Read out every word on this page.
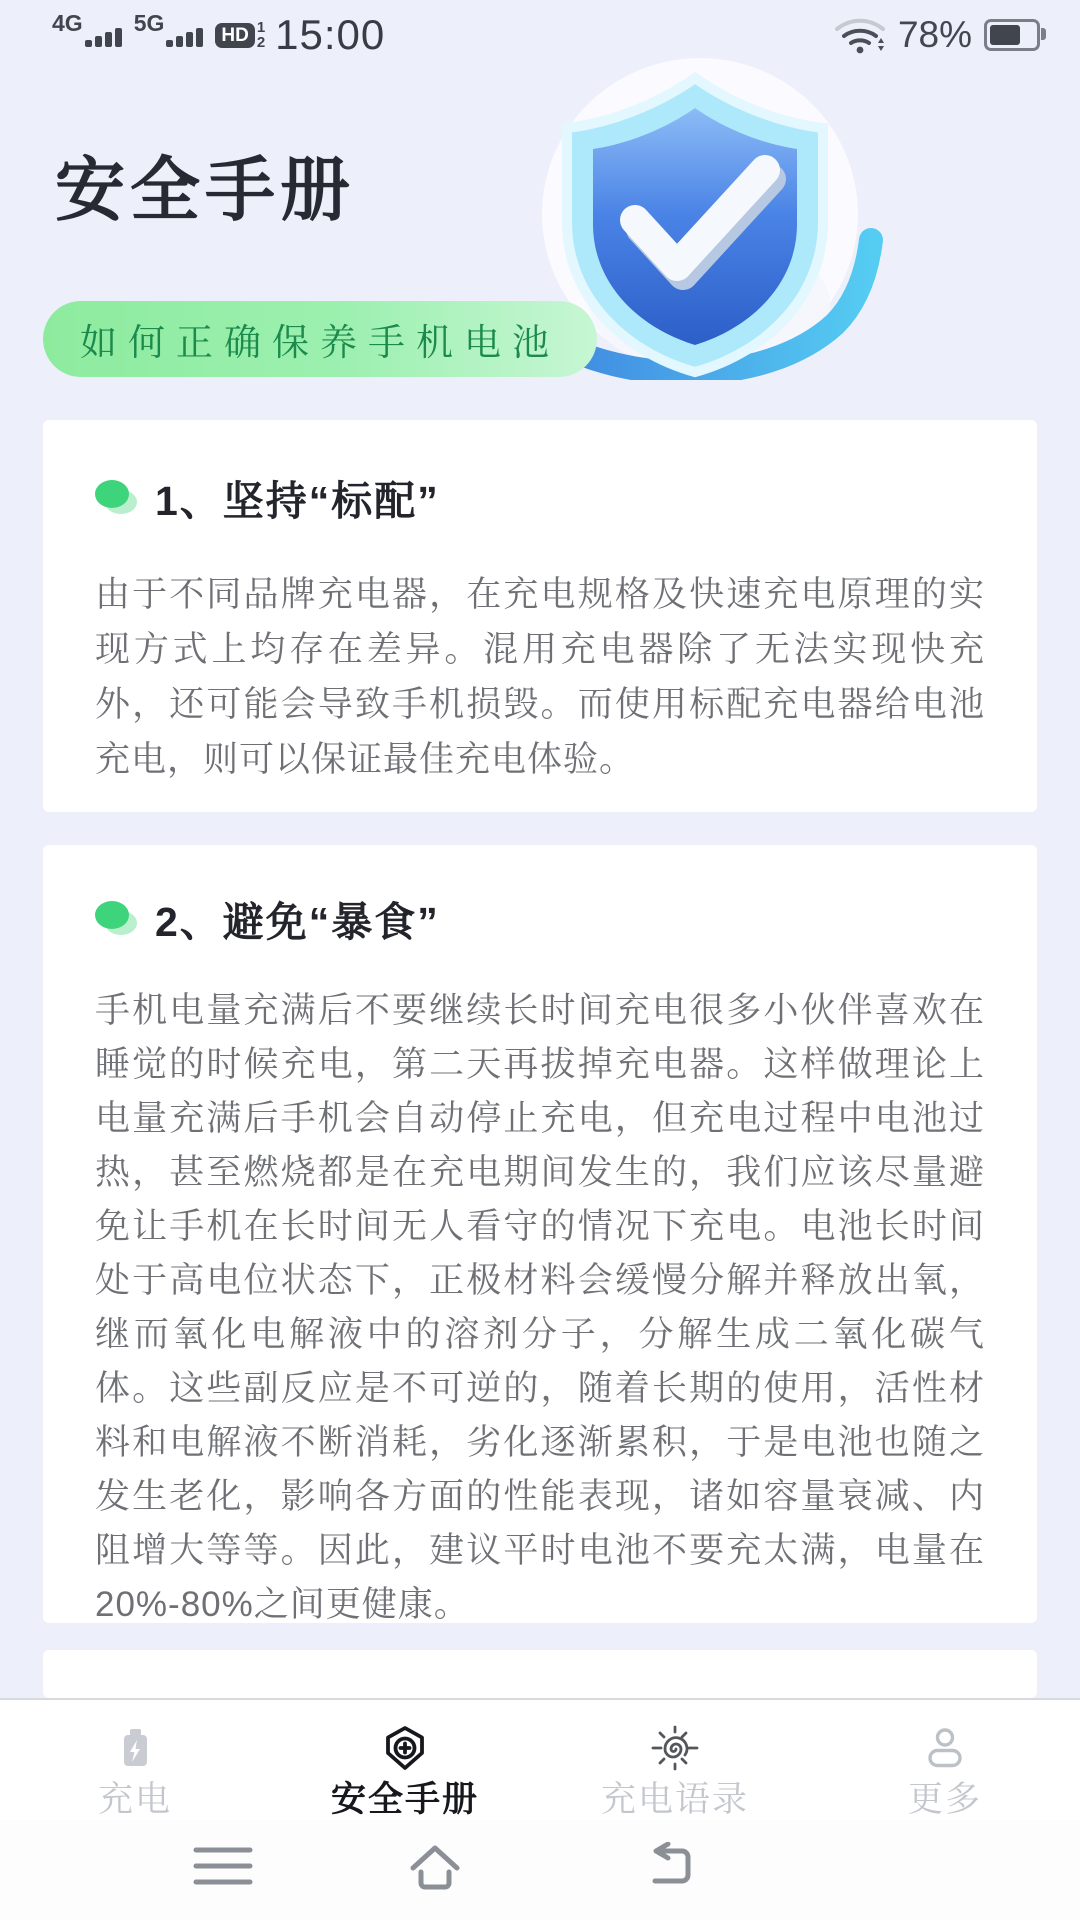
4G 5G	HD 1
2 15:00	78%
安全手册
如何正确保养手机电池
1、坚持“标配”
由于不同品牌充电器，在充电规格及快速充电原理的实现方式上均存在差异。混用充电器除了无法实现快充外，还可能会导致手机损毁。而使用标配充电器给电池充电，则可以保证最佳充电体验。
2、避免“暴食”
手机电量充满后不要继续长时间充电很多小伙伴喜欢在睡觉的时候充电，第二天再拔掉充电器。这样做理论上电量充满后手机会自动停止充电，但充电过程中电池过热，甚至燃烧都是在充电期间发生的，我们应该尽量避免让手机在长时间无人看守的情况下充电。电池长时间处于高电位状态下，正极材料会缓慢分解并释放出氧，继而氧化电解液中的溶剂分子，分解生成二氧化碳气体。这些副反应是不可逆的，随着长期的使用，活性材料和电解液不断消耗，劣化逐渐累积，于是电池也随之发生老化，影响各方面的性能表现，诸如容量衰减、内阻增大等等。因此，建议平时电池不要充太满，电量在20%-80%之间更健康。
充电	安全手册	充电语录	更多
